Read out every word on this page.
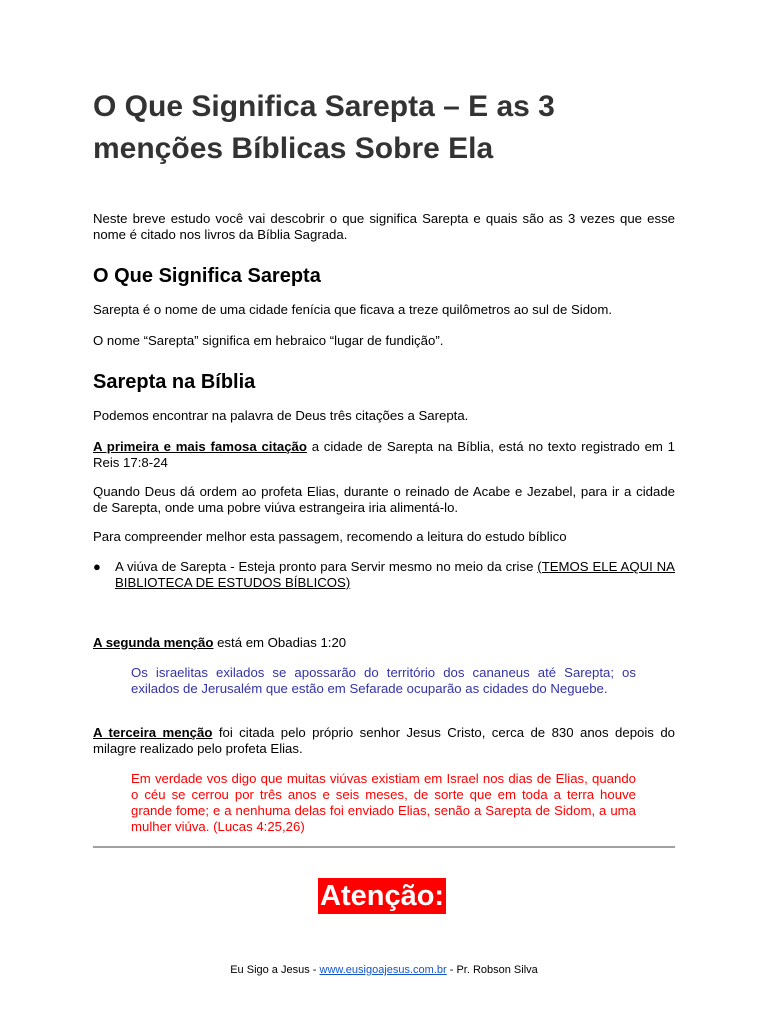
O Que Significa Sarepta – E as 3 menções Bíblicas Sobre Ela

Neste breve estudo você vai descobrir o que significa Sarepta e quais são as 3 vezes que esse nome é citado nos livros da Bíblia Sagrada.

O Que Significa Sarepta

Sarepta é o nome de uma cidade fenícia que ficava a treze quilômetros ao sul de Sidom.

O nome “Sarepta” significa em hebraico “lugar de fundição”.

Sarepta na Bíblia

Podemos encontrar na palavra de Deus três citações a Sarepta.

A primeira e mais famosa citação a cidade de Sarepta na Bíblia, está no texto registrado em 1 Reis 17:8-24

Quando Deus dá ordem ao profeta Elias, durante o reinado de Acabe e Jezabel, para ir a cidade de Sarepta, onde uma pobre viúva estrangeira iria alimentá-lo.

Para compreender melhor esta passagem, recomendo a leitura do estudo bíblico

● A viúva de Sarepta - Esteja pronto para Servir mesmo no meio da crise (TEMOS ELE AQUI NA BIBLIOTECA DE ESTUDOS BÍBLICOS)

A segunda menção está em Obadias 1:20

Os israelitas exilados se apossarão do território dos cananeus até Sarepta; os exilados de Jerusalém que estão em Sefarade ocuparão as cidades do Neguebe.

A terceira menção foi citada pelo próprio senhor Jesus Cristo, cerca de 830 anos depois do milagre realizado pelo profeta Elias.

Em verdade vos digo que muitas viúvas existiam em Israel nos dias de Elias, quando o céu se cerrou por três anos e seis meses, de sorte que em toda a terra houve grande fome; e a nenhuma delas foi enviado Elias, senão a Sarepta de Sidom, a uma mulher viúva. (Lucas 4:25,26)

Atenção:
Eu Sigo a Jesus - www.eusigoajesus.com.br - Pr. Robson Silva
